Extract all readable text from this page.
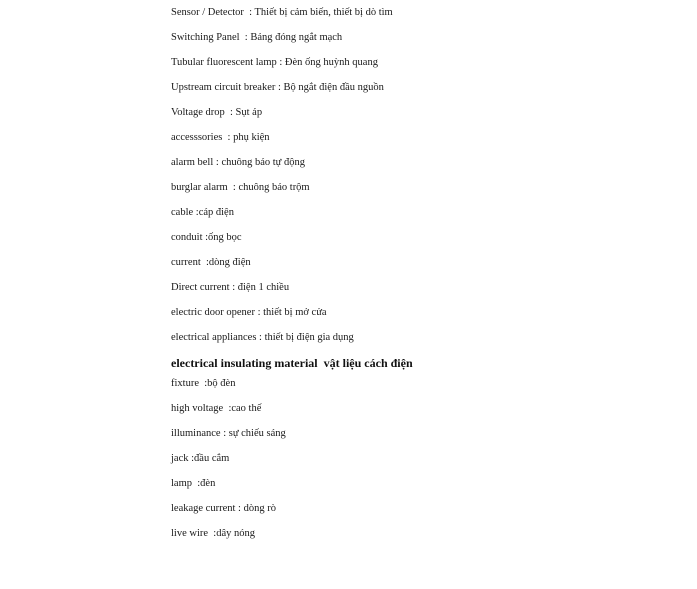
Sensor / Detector  : Thiết bị cảm biến, thiết bị dò tìm
Switching Panel  : Bảng đóng ngắt mạch
Tubular fluorescent lamp : Đèn ống huỳnh quang
Upstream circuit breaker : Bộ ngắt điện đầu nguồn
Voltage drop  : Sụt áp
accesssories  : phụ kiện
alarm bell : chuông báo tự động
burglar alarm  : chuông báo trộm
cable :cáp điện
conduit :ống bọc
current  :dòng điện
Direct current : điện 1 chiều
electric door opener : thiết bị mở cửa
electrical appliances : thiết bị điện gia dụng
electrical insulating material  vật liệu cách điện
fixture  :bộ đèn
high voltage  :cao thế
illuminance : sự chiếu sáng
jack :đầu cắm
lamp  :đèn
leakage current : dòng rò
live wire  :dây nóng
